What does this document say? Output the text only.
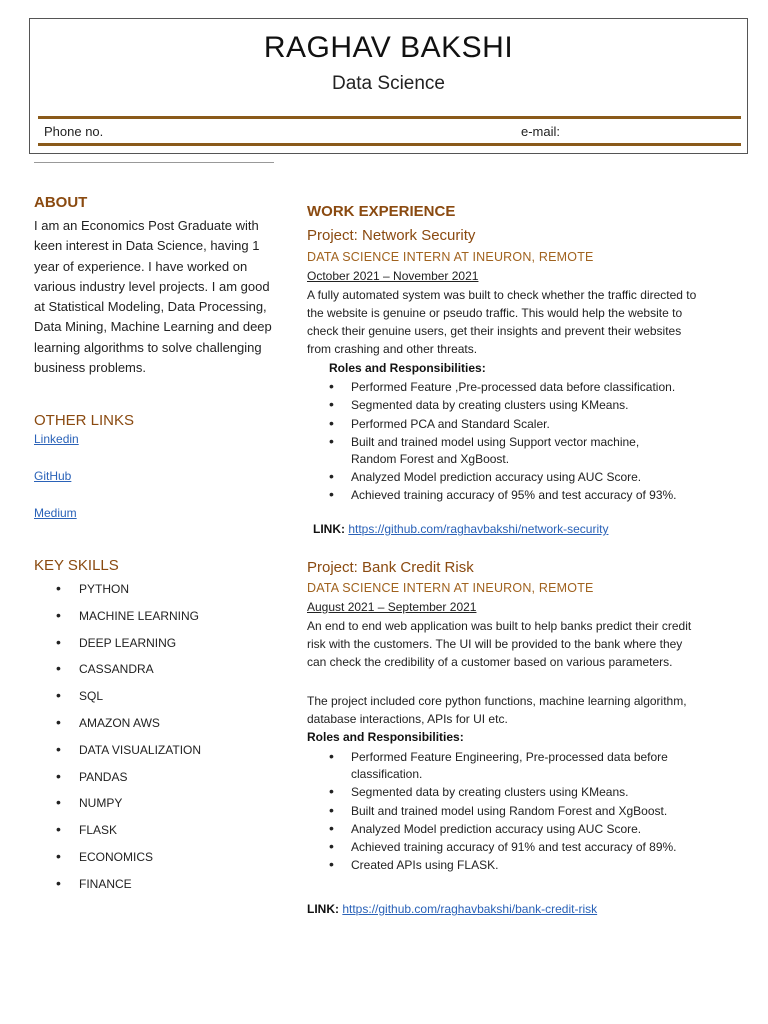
RAGHAV BAKSHI
Data Science
Phone no.	e-mail:
ABOUT
I am an Economics Post Graduate with keen interest in Data Science, having 1 year of experience. I have worked on various industry level projects. I am good at Statistical Modeling, Data Processing, Data Mining, Machine Learning and deep learning algorithms to solve challenging business problems.
OTHER LINKS
Linkedin
GitHub
Medium
KEY SKILLS
• PYTHON
• MACHINE LEARNING
• DEEP LEARNING
• CASSANDRA
• SQL
• AMAZON AWS
• DATA VISUALIZATION
• PANDAS
• NUMPY
• FLASK
• ECONOMICS
• FINANCE
WORK EXPERIENCE
Project: Network Security
DATA SCIENCE INTERN AT INEURON, REMOTE
October 2021 – November 2021
A fully automated system was built to check whether the traffic directed to the website is genuine or pseudo traffic. This would help the website to check their genuine users, get their insights and prevent their websites from crashing and other threats.
Roles and Responsibilities:
• Performed Feature ,Pre-processed data before classification.
• Segmented data by creating clusters using KMeans.
• Performed PCA and Standard Scaler.
• Built and trained model using Support vector machine, Random Forest and XgBoost.
• Analyzed Model prediction accuracy using AUC Score.
• Achieved training accuracy of 95% and test accuracy of 93%.
LINK: https://github.com/raghavbakshi/network-security
Project: Bank Credit Risk
DATA SCIENCE INTERN AT INEURON, REMOTE
August 2021 – September 2021
An end to end web application was built to help banks predict their credit risk with the customers. The UI will be provided to the bank where they can check the credibility of a customer based on various parameters.
The project included core python functions, machine learning algorithm, database interactions, APIs for UI etc.
Roles and Responsibilities:
• Performed Feature Engineering, Pre-processed data before classification.
• Segmented data by creating clusters using KMeans.
• Built and trained model using Random Forest and XgBoost.
• Analyzed Model prediction accuracy using AUC Score.
• Achieved training accuracy of 91% and test accuracy of 89%.
• Created APIs using FLASK.
LINK: https://github.com/raghavbakshi/bank-credit-risk
